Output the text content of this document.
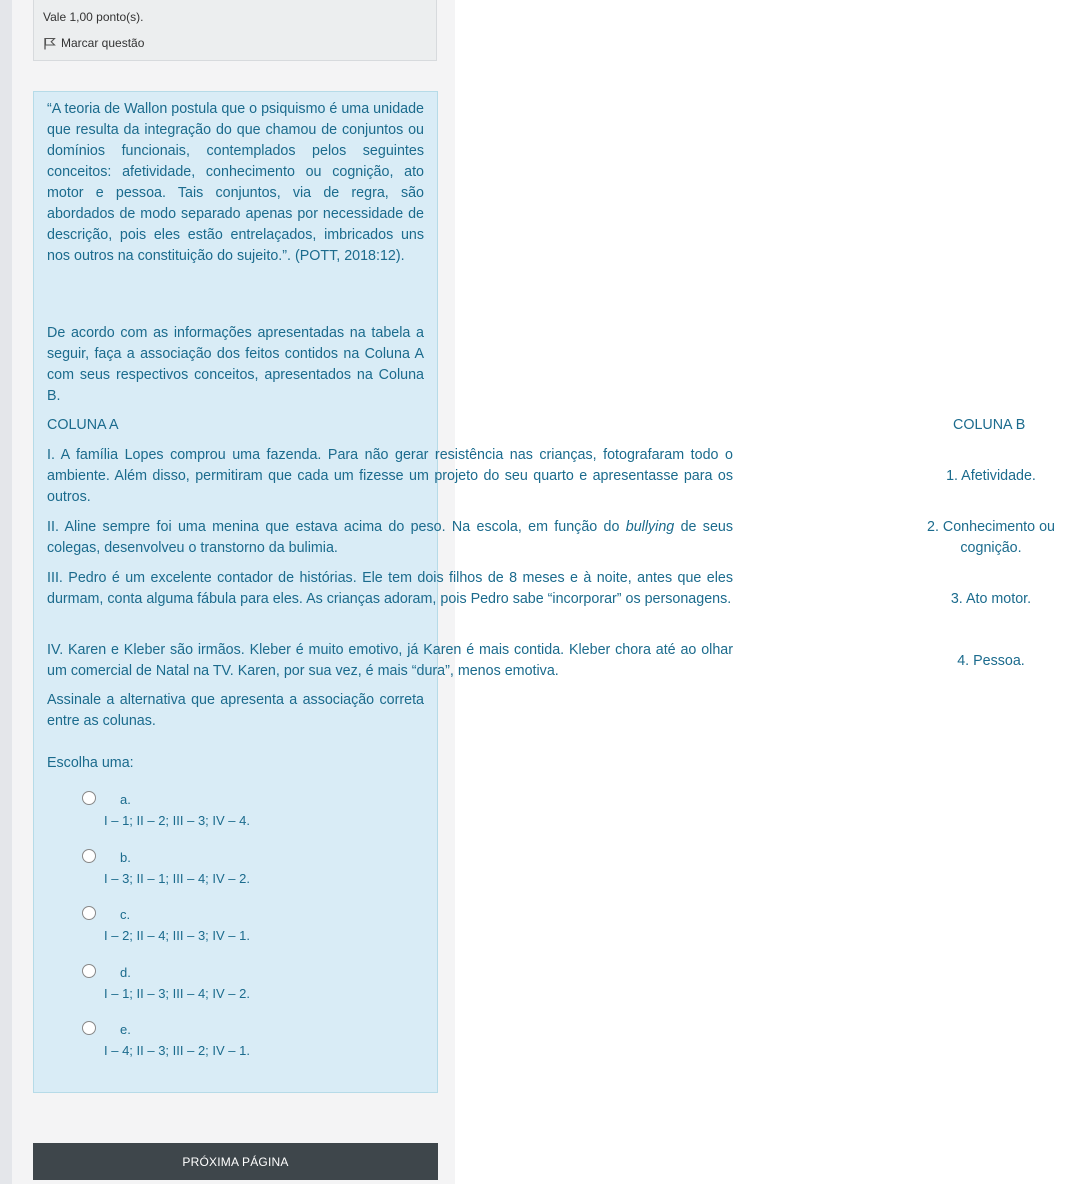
Vale 1,00 ponto(s).
Marcar questão
“A teoria de Wallon postula que o psiquismo é uma unidade que resulta da integração do que chamou de conjuntos ou domínios funcionais, contemplados pelos seguintes conceitos: afetividade, conhecimento ou cognição, ato motor e pessoa. Tais conjuntos, via de regra, são abordados de modo separado apenas por necessidade de descrição, pois eles estão entrelaçados, imbricados uns nos outros na constituição do sujeito.”. (POTT, 2018:12).
De acordo com as informações apresentadas na tabela a seguir, faça a associação dos feitos contidos na Coluna A com seus respectivos conceitos, apresentados na Coluna B.
COLUNA A	COLUNA B
I. A família Lopes comprou uma fazenda. Para não gerar resistência nas crianças, fotografaram todo o ambiente. Além disso, permitiram que cada um fizesse um projeto do seu quarto e apresentasse para os outros.
II. Aline sempre foi uma menina que estava acima do peso. Na escola, em função do bullying de seus colegas, desenvolveu o transtorno da bulimia.
III. Pedro é um excelente contador de histórias. Ele tem dois filhos de 8 meses e à noite, antes que eles durmam, conta alguma fábula para eles. As crianças adoram, pois Pedro sabe “incorporar” os personagens.
IV. Karen e Kleber são irmãos. Kleber é muito emotivo, já Karen é mais contida. Kleber chora até ao olhar um comercial de Natal na TV. Karen, por sua vez, é mais “dura”, menos emotiva.
1. Afetividade.
2. Conhecimento ou cognição.
3. Ato motor.
4. Pessoa.
Assinale a alternativa que apresenta a associação correta entre as colunas.
Escolha uma:
a.
I – 1; II – 2; III – 3; IV – 4.
b.
I – 3; II – 1; III – 4; IV – 2.
c.
I – 2; II – 4; III – 3; IV – 1.
d.
I – 1; II – 3; III – 4; IV – 2.
e.
I – 4; II – 3; III – 2; IV – 1.
PRÓXIMA PÁGINA
